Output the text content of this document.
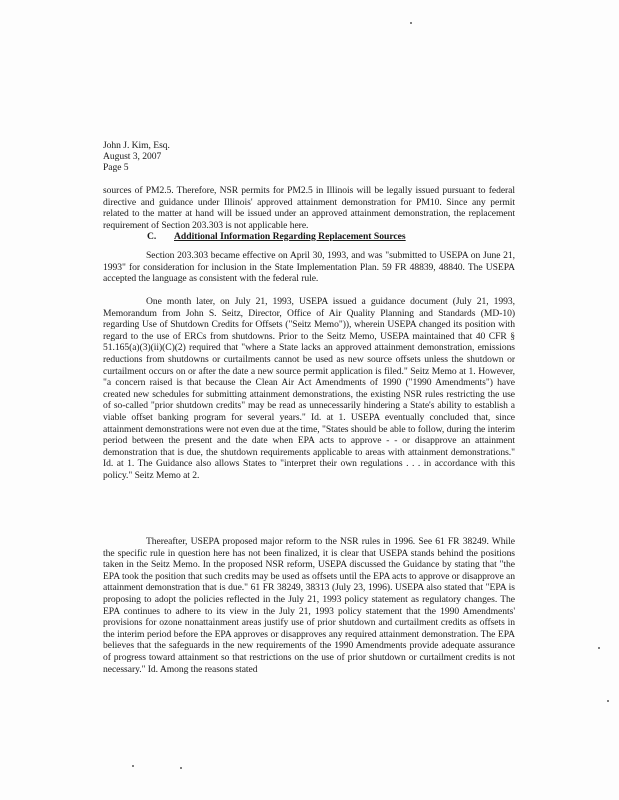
John J. Kim, Esq.
August 3, 2007
Page 5
sources of PM2.5. Therefore, NSR permits for PM2.5 in Illinois will be legally issued pursuant to federal directive and guidance under Illinois' approved attainment demonstration for PM10. Since any permit related to the matter at hand will be issued under an approved attainment demonstration, the replacement requirement of Section 203.303 is not applicable here.
C. Additional Information Regarding Replacement Sources
Section 203.303 became effective on April 30, 1993, and was "submitted to USEPA on June 21, 1993" for consideration for inclusion in the State Implementation Plan. 59 FR 48839, 48840. The USEPA accepted the language as consistent with the federal rule.
One month later, on July 21, 1993, USEPA issued a guidance document (July 21, 1993, Memorandum from John S. Seitz, Director, Office of Air Quality Planning and Standards (MD-10) regarding Use of Shutdown Credits for Offsets ("Seitz Memo")), wherein USEPA changed its position with regard to the use of ERCs from shutdowns. Prior to the Seitz Memo, USEPA maintained that 40 CFR § 51.165(a)(3)(ii)(C)(2) required that "where a State lacks an approved attainment demonstration, emissions reductions from shutdowns or curtailments cannot be used as new source offsets unless the shutdown or curtailment occurs on or after the date a new source permit application is filed." Seitz Memo at 1. However, "a concern raised is that because the Clean Air Act Amendments of 1990 ("1990 Amendments") have created new schedules for submitting attainment demonstrations, the existing NSR rules restricting the use of so-called "prior shutdown credits" may be read as unnecessarily hindering a State's ability to establish a viable offset banking program for several years." Id. at 1. USEPA eventually concluded that, since attainment demonstrations were not even due at the time, "States should be able to follow, during the interim period between the present and the date when EPA acts to approve - - or disapprove an attainment demonstration that is due, the shutdown requirements applicable to areas with attainment demonstrations." Id. at 1. The Guidance also allows States to "interpret their own regulations . . . in accordance with this policy." Seitz Memo at 2.
Thereafter, USEPA proposed major reform to the NSR rules in 1996. See 61 FR 38249. While the specific rule in question here has not been finalized, it is clear that USEPA stands behind the positions taken in the Seitz Memo. In the proposed NSR reform, USEPA discussed the Guidance by stating that "the EPA took the position that such credits may be used as offsets until the EPA acts to approve or disapprove an attainment demonstration that is due." 61 FR 38249, 38313 (July 23, 1996). USEPA also stated that "EPA is proposing to adopt the policies reflected in the July 21, 1993 policy statement as regulatory changes. The EPA continues to adhere to its view in the July 21, 1993 policy statement that the 1990 Amendments' provisions for ozone nonattainment areas justify use of prior shutdown and curtailment credits as offsets in the interim period before the EPA approves or disapproves any required attainment demonstration. The EPA believes that the safeguards in the new requirements of the 1990 Amendments provide adequate assurance of progress toward attainment so that restrictions on the use of prior shutdown or curtailment credits is not necessary." Id. Among the reasons stated
